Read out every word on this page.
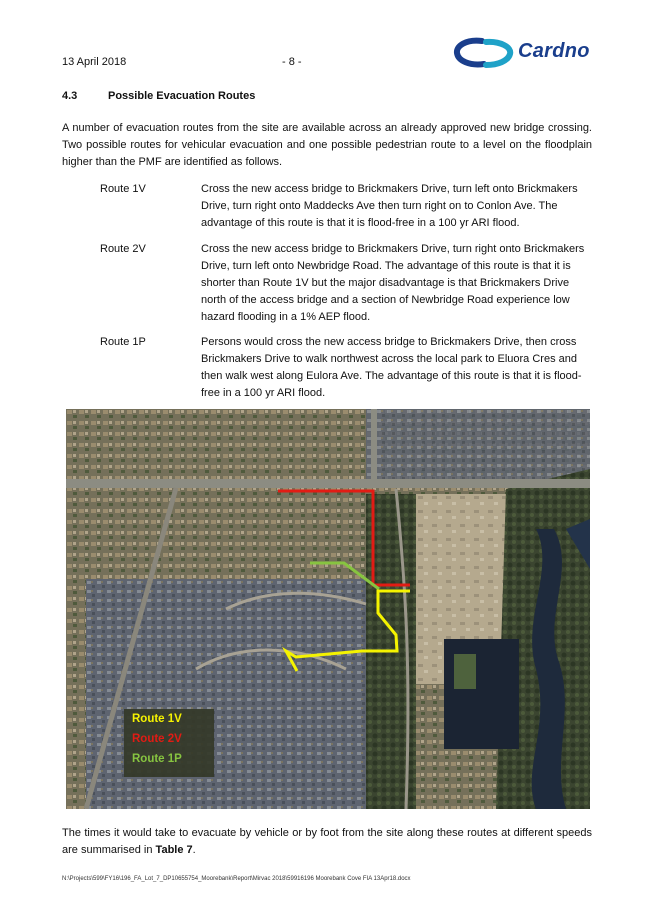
13 April 2018	- 8 -	Cardno
4.3	Possible Evacuation Routes
A number of evacuation routes from the site are available across an already approved new bridge crossing. Two possible routes for vehicular evacuation and one possible pedestrian route to a level on the floodplain higher than the PMF are identified as follows.
Route 1V	Cross the new access bridge to Brickmakers Drive, turn left onto Brickmakers Drive, turn right onto Maddecks Ave then turn right on to Conlon Ave. The advantage of this route is that it is flood-free in a 100 yr ARI flood.
Route 2V	Cross the new access bridge to Brickmakers Drive, turn right onto Brickmakers Drive, turn left onto Newbridge Road. The advantage of this route is that it is shorter than Route 1V but the major disadvantage is that Brickmakers Drive north of the access bridge and a section of Newbridge Road experience low hazard flooding in a 1% AEP flood.
Route 1P	Persons would cross the new access bridge to Brickmakers Drive, then cross Brickmakers Drive to walk northwest across the local park to Eluora Cres and then walk west along Eulora Ave. The advantage of this route is that it is flood-free in a 100 yr ARI flood.
Route 1V
Route 2V
Route 1P
The times it would take to evacuate by vehicle or by foot from the site along these routes at different speeds are summarised in Table 7.
N:\Projects\599\FY16\196_FA_Lot_7_DP10655754_Moorebank\Report\Mirvac 2018\59916196 Moorebank Cove FIA 13Apr18.docx
